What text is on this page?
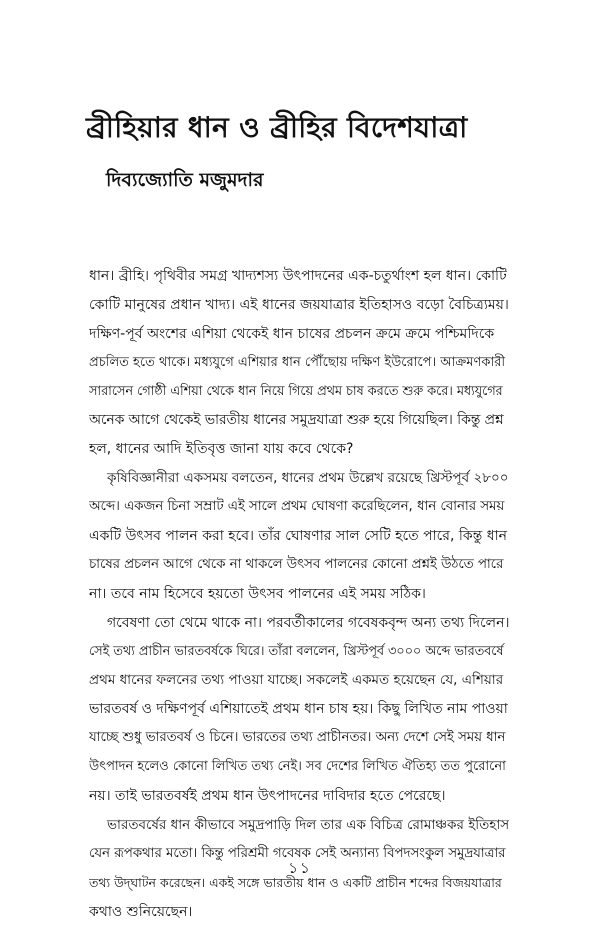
ব্রীহিয়ার ধান ও ব্রীহির বিদেশযাত্রা
দিব্যজ্যোতি মজুমদার
ধান। ব্রীহি। পৃথিবীর সমগ্র খাদ্যশস্য উৎপাদনের এক-চতুর্থাংশ হল ধান। কোটি
কোটি মানুষের প্রধান খাদ্য। এই ধানের জয়যাত্রার ইতিহাসও বড়ো বৈচিত্র্যময়।
দক্ষিণ-পূর্ব অংশের এশিয়া থেকেই ধান চাষের প্রচলন ক্রমে ক্রমে পশ্চিমদিকে
প্রচলিত হতে থাকে। মধ্যযুগে এশিয়ার ধান পৌঁছোয় দক্ষিণ ইউরোপে। আক্রমণকারী
সারাসেন গোষ্ঠী এশিয়া থেকে ধান নিয়ে গিয়ে প্রথম চাষ করতে শুরু করে। মধ্যযুগের
অনেক আগে থেকেই ভারতীয় ধানের সমুদ্রযাত্রা শুরু হয়ে গিয়েছিল। কিন্তু প্রশ্ন
হল, ধানের আদি ইতিবৃত্ত জানা যায় কবে থেকে?
কৃষিবিজ্ঞানীরা একসময় বলতেন, ধানের প্রথম উল্লেখ রয়েছে খ্রিস্টপূর্ব ২৮০০
অব্দে। একজন চিনা সম্রাট এই সালে প্রথম ঘোষণা করেছিলেন, ধান বোনার সময়
একটি উৎসব পালন করা হবে। তাঁর ঘোষণার সাল সেটি হতে পারে, কিন্তু ধান
চাষের প্রচলন আগে থেকে না থাকলে উৎসব পালনের কোনো প্রশ্নই উঠতে পারে
না। তবে নাম হিসেবে হয়তো উৎসব পালনের এই সময় সঠিক।
গবেষণা তো থেমে থাকে না। পরবর্তীকালের গবেষকবৃন্দ অন্য তথ্য দিলেন।
সেই তথ্য প্রাচীন ভারতবর্ষকে ঘিরে। তাঁরা বললেন, খ্রিস্টপূর্ব ৩০০০ অব্দে ভারতবর্ষে
প্রথম ধানের ফলনের তথ্য পাওয়া যাচ্ছে। সকলেই একমত হয়েছেন যে, এশিয়ার
ভারতবর্ষ ও দক্ষিণপূর্ব এশিয়াতেই প্রথম ধান চাষ হয়। কিছু লিখিত নাম পাওয়া
যাচ্ছে শুধু ভারতবর্ষ ও চিনে। ভারতের তথ্য প্রাচীনতর। অন্য দেশে সেই সময় ধান
উৎপাদন হলেও কোনো লিখিত তথ্য নেই। সব দেশের লিখিত ঐতিহ্য তত পুরোনো
নয়। তাই ভারতবর্ষই প্রথম ধান উৎপাদনের দাবিদার হতে পেরেছে।
ভারতবর্ষের ধান কীভাবে সমুদ্রপাড়ি দিল তার এক বিচিত্র রোমাঞ্চকর ইতিহাস
যেন রূপকথার মতো। কিন্তু পরিশ্রমী গবেষক সেই অন্যান্য বিপদসংকুল সমুদ্রযাত্রার
তথ্য উদ্‌ঘাটন করেছেন। একই সঙ্গে ভারতীয় ধান ও একটি প্রাচীন শব্দের বিজয়যাত্রার
কথাও শুনিয়েছেন।
১১
